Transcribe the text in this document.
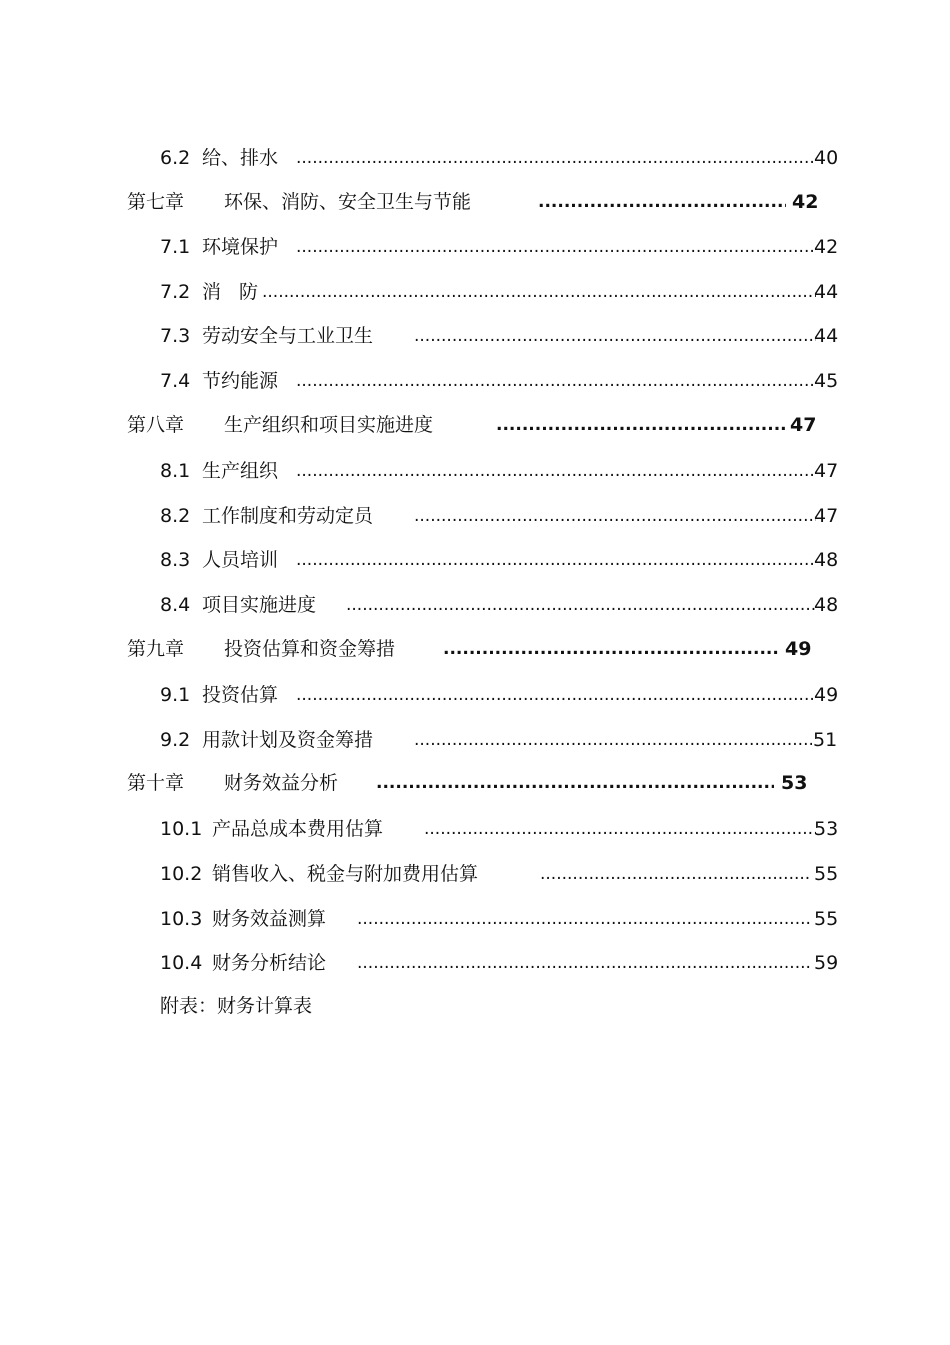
6.2 给、排水 .....	40
第七章 环保、消防、安全卫生与节能 .....	42
7.1 环境保护 .....	42
7.2 消 防 .....	44
7.3 劳动安全与工业卫生 .....	44
7.4 节约能源 .....	45
第八章 生产组织和项目实施进度 .....	47
8.1 生产组织 .....	47
8.2 工作制度和劳动定员 .....	47
8.3 人员培训 .....	48
8.4 项目实施进度 .....	48
第九章 投资估算和资金筹措 .....	49
9.1 投资估算 .....	49
9.2 用款计划及资金筹措 .....	51
第十章 财务效益分析 .....	53
10.1 产品总成本费用估算 .....	53
10.2 销售收入、税金与附加费用估算 .....	55
10.3 财务效益测算 .....	55
10.4 财务分析结论 .....	59
附表：财务计算表
